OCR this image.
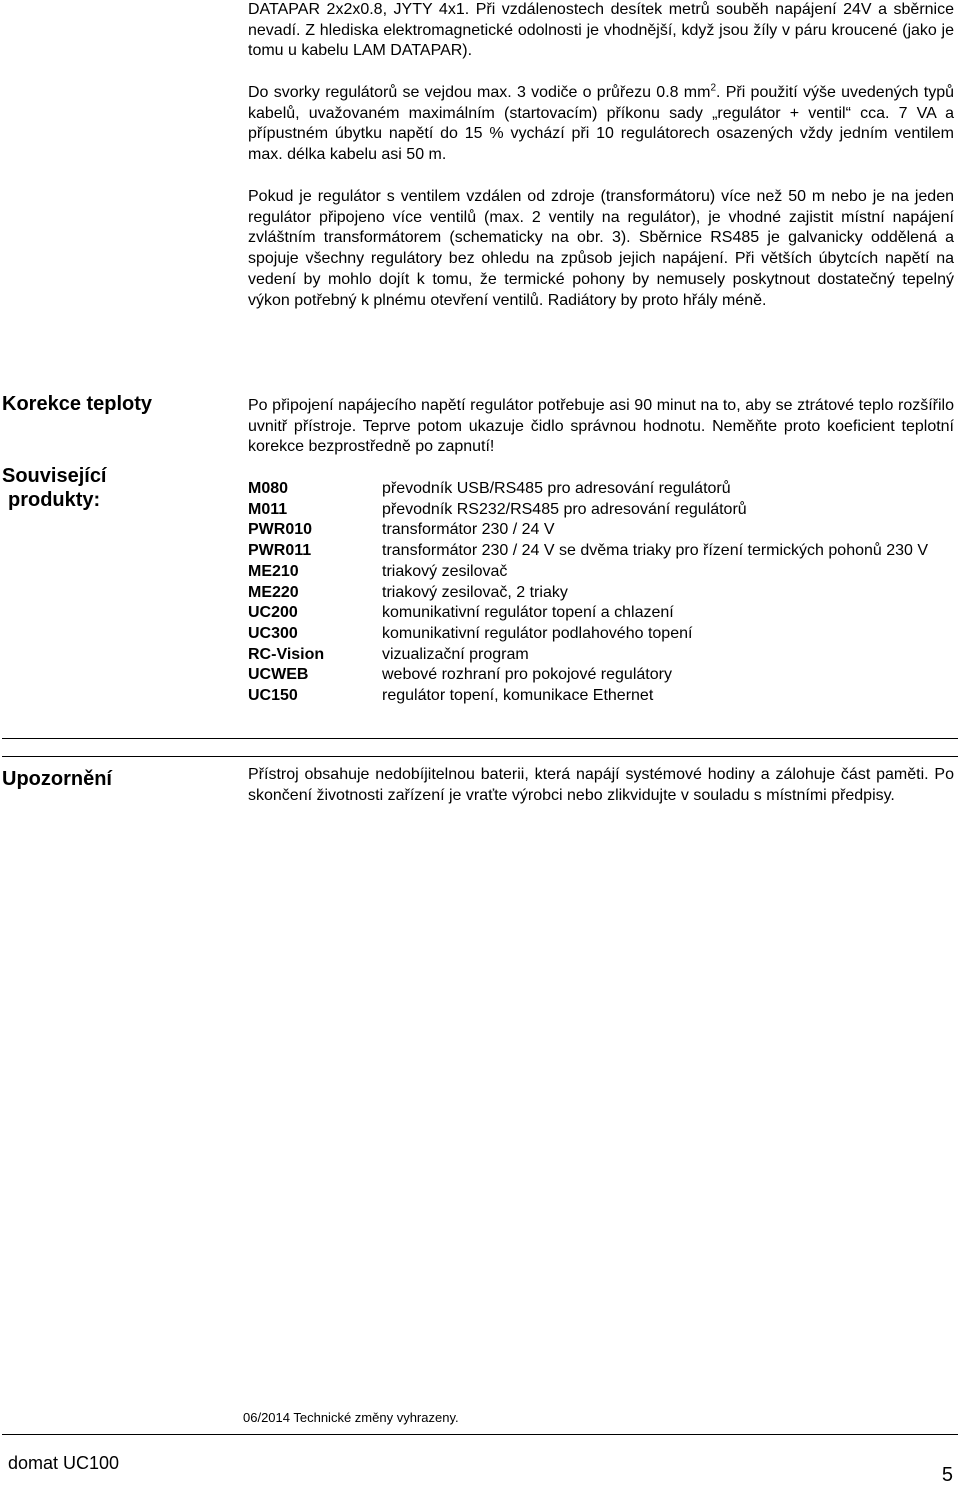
DATAPAR 2x2x0.8, JYTY 4x1. Při vzdálenostech desítek metrů souběh napájení 24V a sběrnice nevadí. Z hlediska elektromagnetické odolnosti je vhodnější, když jsou žíly v páru kroucené (jako je tomu u kabelu LAM DATAPAR).

Do svorky regulátorů se vejdou max. 3 vodiče o průřezu 0.8 $mm^2$. Při použití výše uvedených typů kabelů, uvažovaném maximálním (startovacím) příkonu sady „regulátor + ventil“ cca. 7 VA a přípustném úbytku napětí do 15 % vychází při 10 regulátorech osazených vždy jedním ventilem max. délka kabelu asi 50 m.

Pokud je regulátor s ventilem vzdálen od zdroje (transformátoru) více než 50 m nebo je na jeden regulátor připojeno více ventilů (max. 2 ventily na regulátor), je vhodné zajistit místní napájení zvláštním transformátorem (schematicky na obr. 3). Sběrnice RS485 je galvanicky oddělená a spojuje všechny regulátory bez ohledu na způsob jejich napájení. Při větších úbytcích napětí na vedení by mohlo dojít k tomu, že termické pohony by nemusely poskytnout dostatečný tepelný výkon potřebný k plnému otevření ventilů. Radiátory by proto hřály méně.

Korekce teploty	Po připojení napájecího napětí regulátor potřebuje asi 90 minut na to, aby se ztrátové teplo rozšířilo uvnitř přístroje. Teprve potom ukazuje čidlo správnou hodnotu. Neměňte proto koeficient teplotní korekce bezprostředně po zapnutí!

Související
produkty:
M080	převodník USB/RS485 pro adresování regulátorů
M011	převodník RS232/RS485 pro adresování regulátorů
PWR010	transformátor 230 / 24 V
PWR011	transformátor 230 / 24 V se dvěma triaky pro řízení termických pohonů 230 V
ME210	triakový zesilovač
ME220	triakový zesilovač, 2 triaky
UC200	komunikativní regulátor topení a chlazení
UC300	komunikativní regulátor podlahového topení
RC-Vision	vizualizační program
UCWEB	webové rozhraní pro pokojové regulátory
UC150	regulátor topení, komunikace Ethernet
Upozornění	Přístroj obsahuje nedobíjitelnou baterii, která napájí systémové hodiny a zálohuje část paměti. Po skončení životnosti zařízení je vraťte výrobci nebo zlikvidujte v souladu s místními předpisy.

06/2014 Technické změny vyhrazeny.
domat UC100
5
